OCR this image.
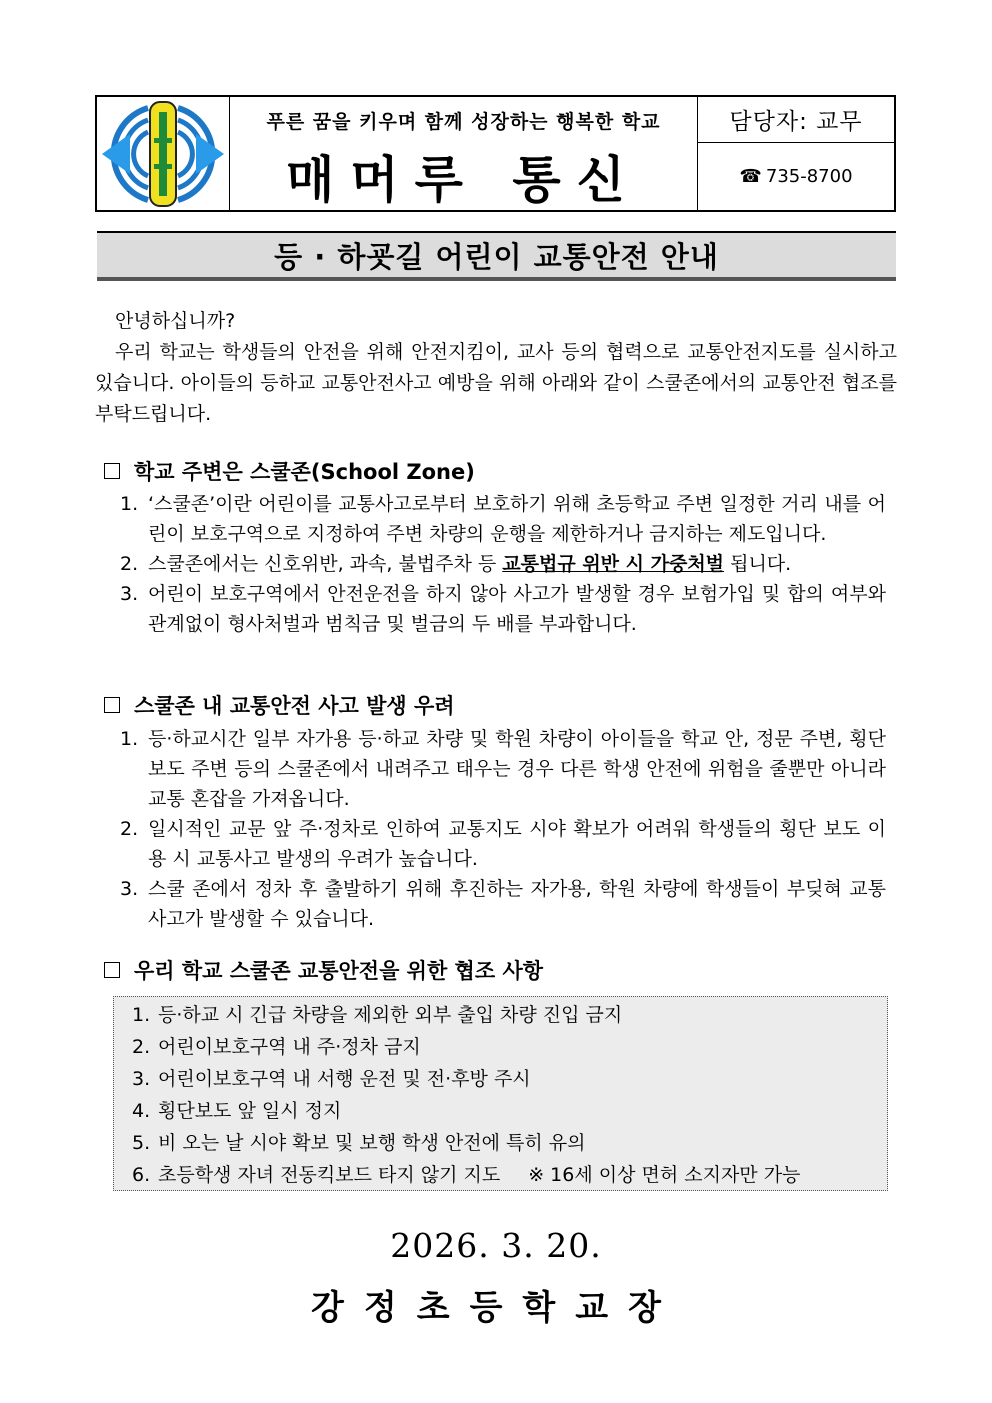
푸른 꿈을 키우며 함께 성장하는 행복한 학교
매머루 통신
담당자: 교무
☎ 735-8700
등 · 하굣길 어린이 교통안전 안내

안녕하십니까?

우리 학교는 학생들의 안전을 위해 안전지킴이, 교사 등의 협력으로 교통안전지도를 실시하고 있습니다. 아이들의 등하교 교통안전사고 예방을 위해 아래와 같이 스쿨존에서의 교통안전 협조를 부탁드립니다.

학교 주변은 스쿨존(School Zone)
1. ‘스쿨존’이란 어린이를 교통사고로부터 보호하기 위해 초등학교 주변 일정한 거리 내를 어린이 보호구역으로 지정하여 주변 차량의 운행을 제한하거나 금지하는 제도입니다.
2. 스쿨존에서는 신호위반, 과속, 불법주차 등 교통법규 위반 시 가중처벌 됩니다.
3. 어린이 보호구역에서 안전운전을 하지 않아 사고가 발생할 경우 보험가입 및 합의 여부와 관계없이 형사처벌과 범칙금 및 벌금의 두 배를 부과합니다.
스쿨존 내 교통안전 사고 발생 우려
1. 등·하교시간 일부 자가용 등·하교 차량 및 학원 차량이 아이들을 학교 안, 정문 주변, 횡단보도 주변 등의 스쿨존에서 내려주고 태우는 경우 다른 학생 안전에 위험을 줄뿐만 아니라 교통 혼잡을 가져옵니다.
2. 일시적인 교문 앞 주·정차로 인하여 교통지도 시야 확보가 어려워 학생들의 횡단 보도 이용 시 교통사고 발생의 우려가 높습니다.
3. 스쿨 존에서 정차 후 출발하기 위해 후진하는 자가용, 학원 차량에 학생들이 부딪혀 교통사고가 발생할 수 있습니다.
우리 학교 스쿨존 교통안전을 위한 협조 사항
1. 등·하교 시 긴급 차량을 제외한 외부 출입 차량 진입 금지
2. 어린이보호구역 내 주·정차 금지
3. 어린이보호구역 내 서행 운전 및 전·후방 주시
4. 횡단보도 앞 일시 정지
5. 비 오는 날 시야 확보 및 보행 학생 안전에 특히 유의
6. 초등학생 자녀 전동킥보드 타지 않기 지도 ※ 16세 이상 면허 소지자만 가능
2026. 3. 20.
강정초등학교장
